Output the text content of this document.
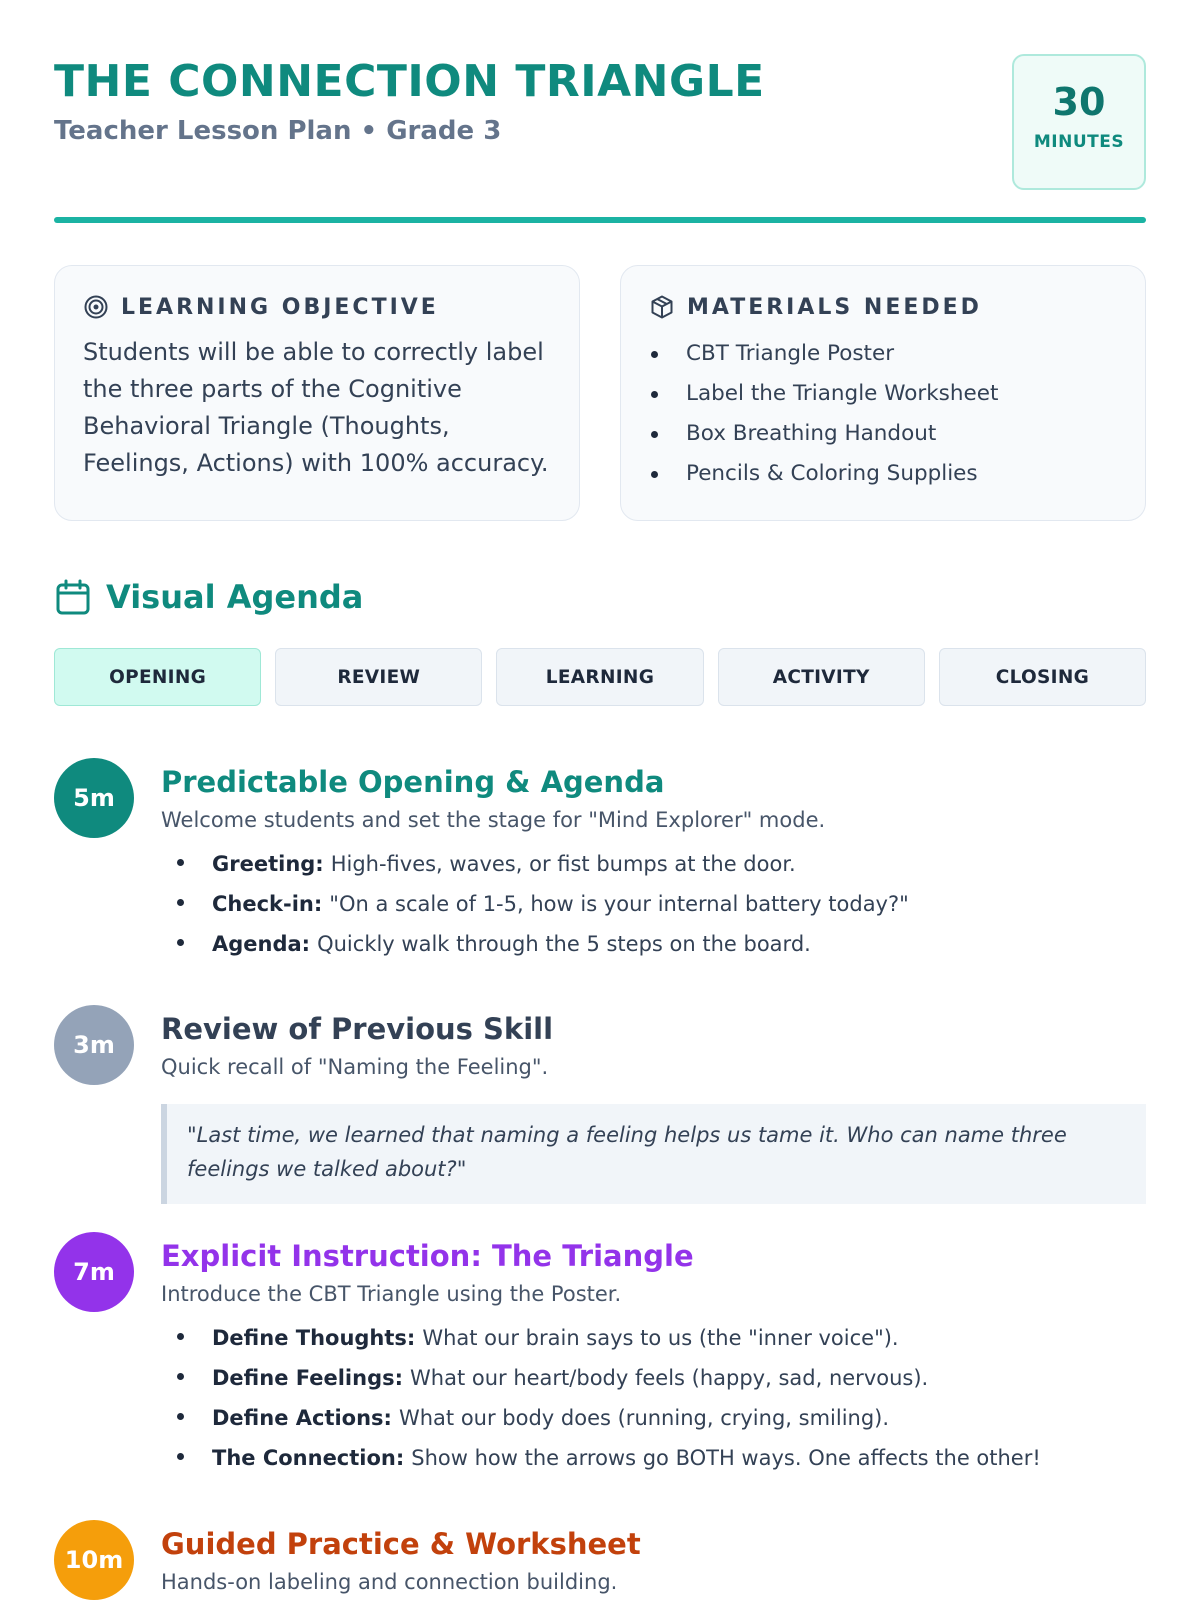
THE CONNECTION TRIANGLE
Teacher Lesson Plan • Grade 3
30
MINUTES
LEARNING OBJECTIVE
Students will be able to correctly label the three parts of the Cognitive Behavioral Triangle (Thoughts, Feelings, Actions) with 100% accuracy.
MATERIALS NEEDED
CBT Triangle Poster
Label the Triangle Worksheet
Box Breathing Handout
Pencils & Coloring Supplies
Visual Agenda
OPENING	REVIEW	LEARNING	ACTIVITY	CLOSING
5m	Predictable Opening & Agenda
Welcome students and set the stage for "Mind Explorer" mode.
Greeting: High-fives, waves, or fist bumps at the door.
Check-in: "On a scale of 1-5, how is your internal battery today?"
Agenda: Quickly walk through the 5 steps on the board.
3m	Review of Previous Skill
Quick recall of "Naming the Feeling".
"Last time, we learned that naming a feeling helps us tame it. Who can name three feelings we talked about?"
7m	Explicit Instruction: The Triangle
Introduce the CBT Triangle using the Poster.
Define Thoughts: What our brain says to us (the "inner voice").
Define Feelings: What our heart/body feels (happy, sad, nervous).
Define Actions: What our body does (running, crying, smiling).
The Connection: Show how the arrows go BOTH ways. One affects the other!
10m	Guided Practice & Worksheet
Hands-on labeling and connection building.
